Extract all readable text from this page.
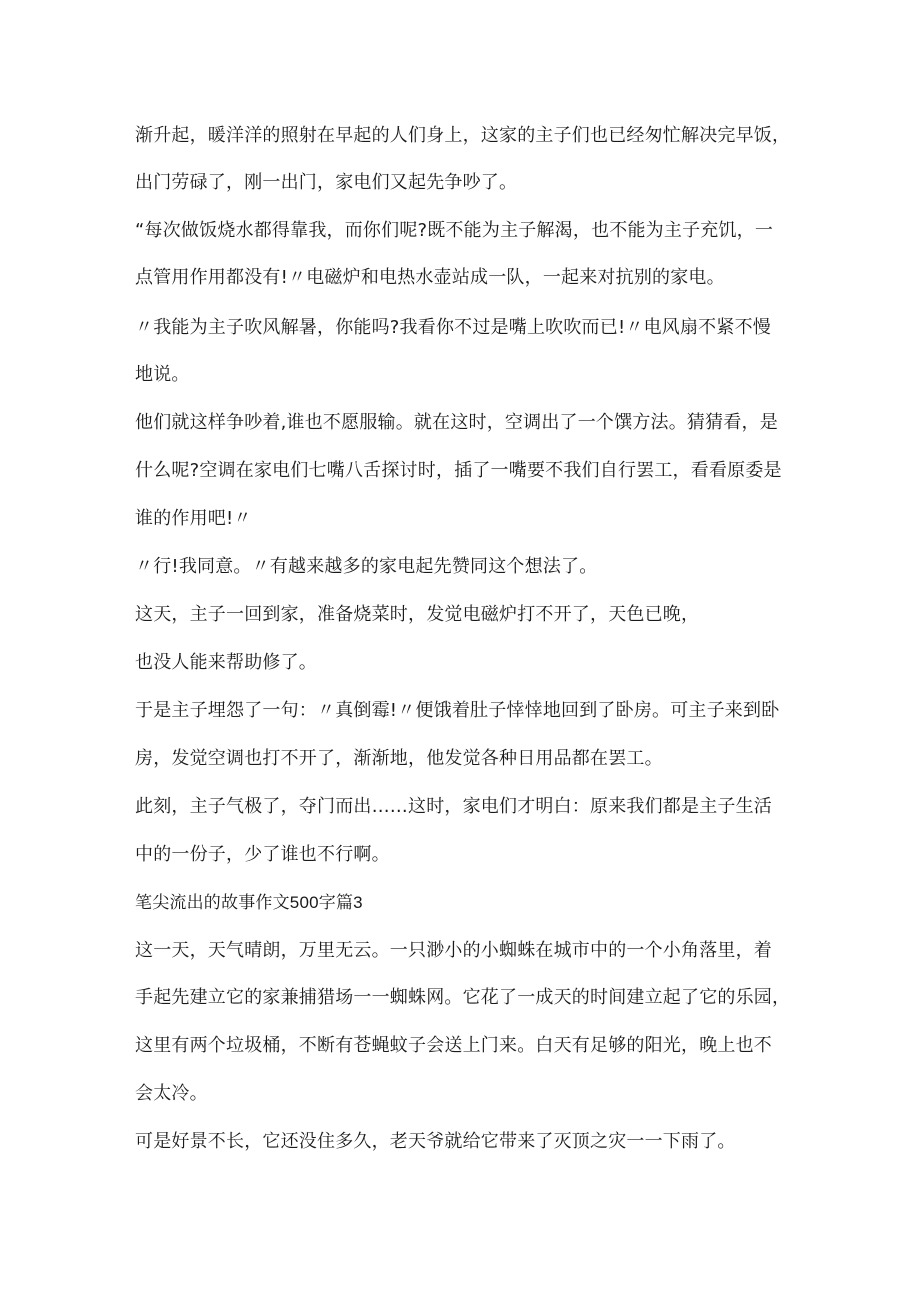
渐升起，暖洋洋的照射在早起的人们身上，这家的主子们也已经匆忙解决完早饭，
出门劳碌了，刚一出门，家电们又起先争吵了。
“每次做饭烧水都得靠我，而你们呢?既不能为主子解渴，也不能为主子充饥，一
点管用作用都没有!〃电磁炉和电热水壶站成一队，一起来对抗别的家电。
〃我能为主子吹风解暑，你能吗?我看你不过是嘴上吹吹而已!〃电风扇不紧不慢
地说。
他们就这样争吵着,谁也不愿服输。就在这时，空调出了一个馔方法。猜猜看，是
什么呢?空调在家电们七嘴八舌探讨时，插了一嘴要不我们自行罢工，看看原委是
谁的作用吧!〃
〃行!我同意。〃有越来越多的家电起先赞同这个想法了。
这天，主子一回到家，准备烧菜时，发觉电磁炉打不开了，天色已晚，
也没人能来帮助修了。
于是主子埋怨了一句：〃真倒霉!〃便饿着肚子悻悻地回到了卧房。可主子来到卧
房，发觉空调也打不开了，渐渐地，他发觉各种日用品都在罢工。
此刻，主子气极了，夺门而出……这时，家电们才明白：原来我们都是主子生活
中的一份子，少了谁也不行啊。
笔尖流出的故事作文500字篇3
这一天，天气晴朗，万里无云。一只渺小的小蜘蛛在城市中的一个小角落里，着
手起先建立它的家兼捕猎场一一蜘蛛网。它花了一成天的时间建立起了它的乐园，
这里有两个垃圾桶，不断有苍蝇蚊子会送上门来。白天有足够的阳光，晚上也不
会太冷。
可是好景不长，它还没住多久，老天爷就给它带来了灭顶之灾一一下雨了。
